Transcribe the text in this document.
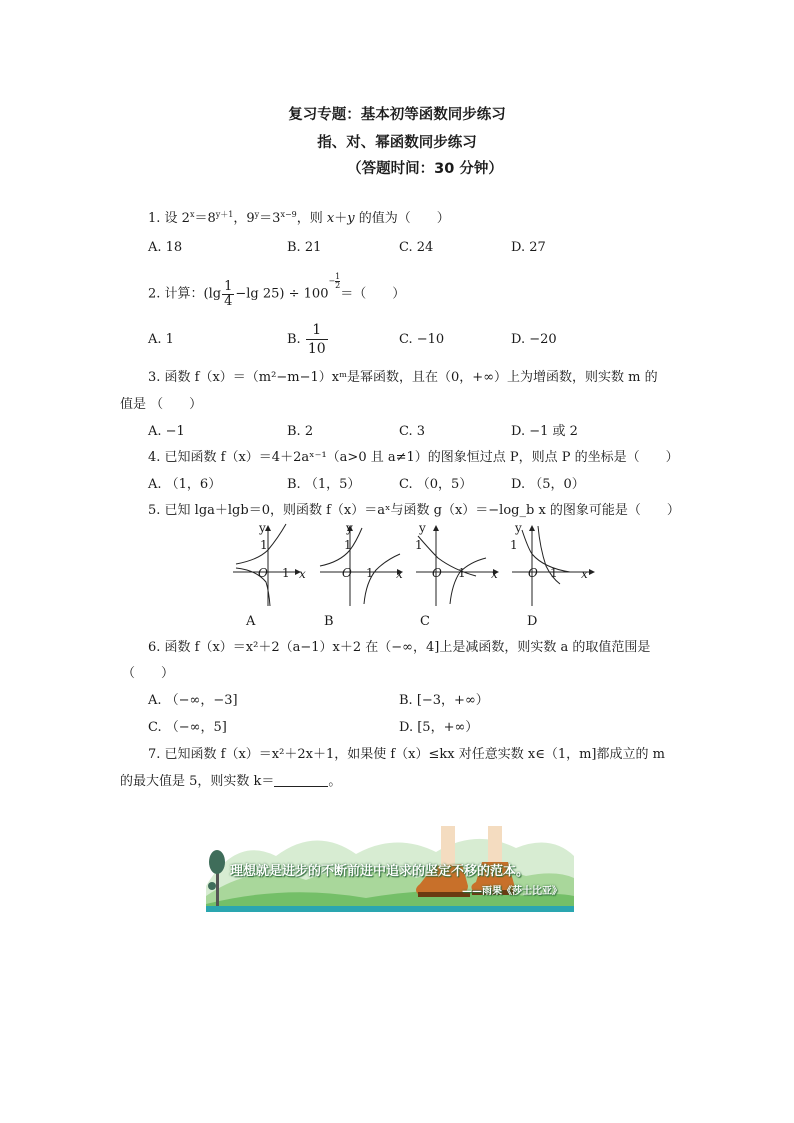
复习专题：基本初等函数同步练习
指、对、幂函数同步练习
（答题时间：30 分钟）
1. 设 $2^x=8^{y+1}$，$9^y=3^{x-9}$，则 x＋y 的值为（　　）
A. 18	B. 21	C. 24	D. 27
2. 计算：($\lg \frac{1}{4} -\lg$ $25) \div 100- \frac{1}{2}$
＝（　　）
A. 1	B. $\frac{1}{10}$	C. −10	D. −20
3. 函数 f（x）＝（m²−m−1）xᵐ是幂函数，且在（0，+∞）上为增函数，则实数 m 的
值是 （　　）
A. −1	B. 2	C. 3	D. −1 或 2
4. 已知函数 f（x）＝4＋2aˣ⁻¹（a>0 且 a≠1）的图象恒过点 P，则点 P 的坐标是（　　）
A. （1，6）	B. （1，5）	C. （0，5）	D. （5，0）
5. 已知 lga＋lgb＝0，则函数 f（x）＝aˣ与函数 g（x）＝−log_b x 的图象可能是（　　）
y
1
O 1 x
y
1
O 1 x
y
1
O 1 x
y
1
O 1 x
A	B	C	D
6. 函数 f（x）＝x²＋2（a−1）x＋2 在（−∞，4]上是减函数，则实数 a 的取值范围是
（　　）
A. （−∞，−3]	B. [−3，+∞）
C. （−∞，5]	D. [5，+∞）
7. 已知函数 f（x）＝x²＋2x＋1，如果使 f（x）≤kx 对任意实数 x∈（1，m]都成立的 m
的最大值是 5，则实数 k＝	。
理想就是进步的不断前进中追求的坚定不移的范本。
——雨果《莎士比亚》
